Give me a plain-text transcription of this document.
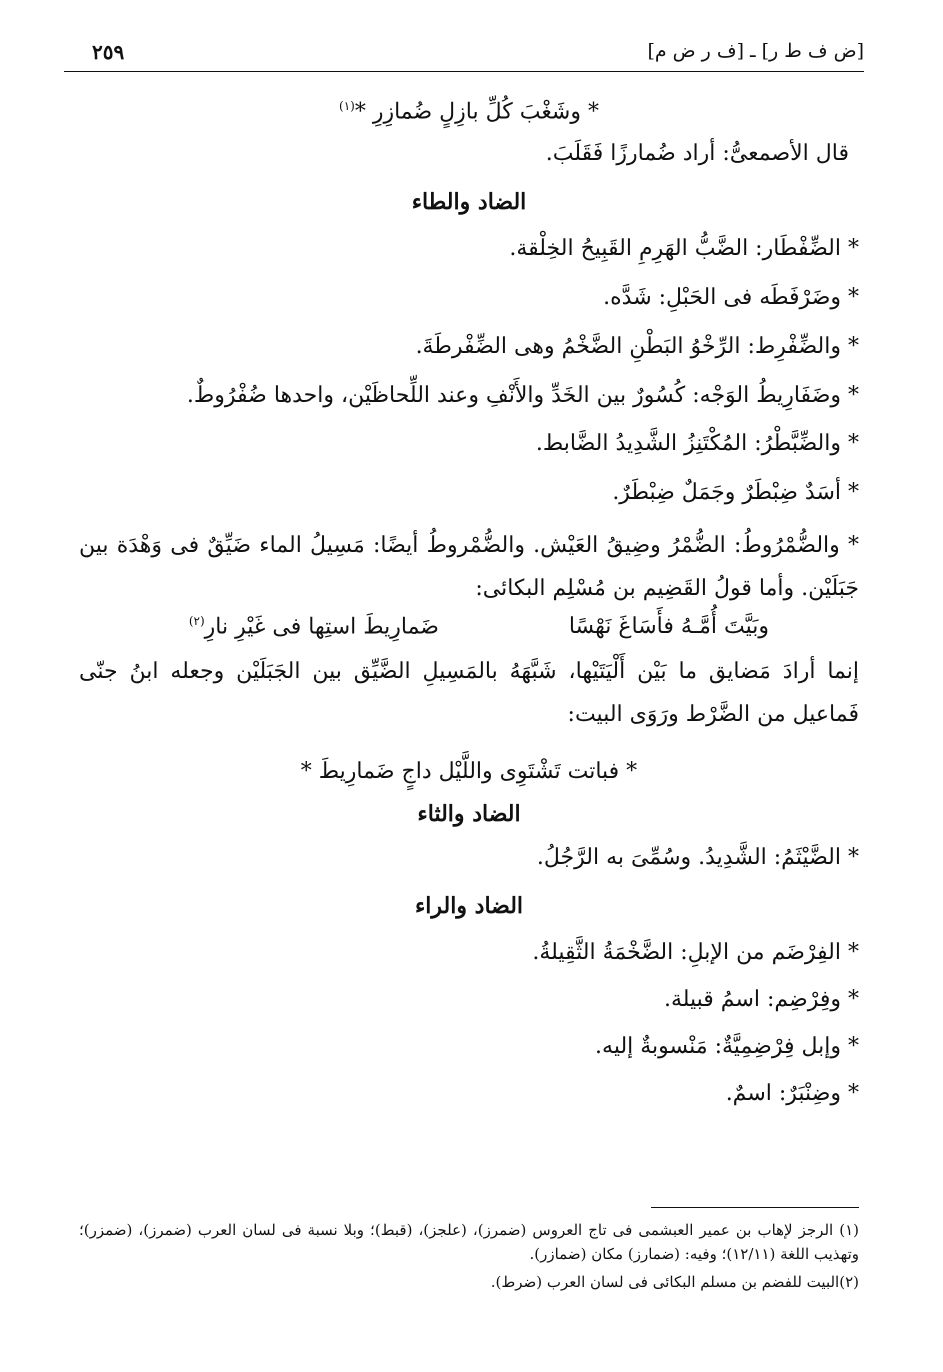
[ض ف ط ر] ـ [ف ر ض م]
٢٥٩
* وشَغْبَ كُلِّ بازِلٍ ضُمازِرِ *$^{(١)}$
قال الأصمعىُّ: أراد ضُمارزًا فَقَلَبَ.
الضاد والطاء
* الضِّفْطَار: الضَّبُّ الهَرِمِ القَبِيحُ الخِلْقة.
* وضَرْفَطَه فى الحَبْلِ: شَدَّه.
* والضِّفْرِط: الرِّخْوُ البَطْنِ الضَّخْمُ وهى الضِّفْرطَةَ.
* وضَفَارِيطُ الوَجْه: كُسُورٌ بين الخَدِّ والأَنْفِ وعند اللِّحاظَيْن، واحدها ضُفْرُوطٌ.
* والضِّبَّطْرُ: المُكْتَنِزُ الشَّدِيدُ الضَّابط.
* أسَدٌ ضِبْطَرٌ وجَمَلٌ ضِبْطَرٌ.
* والضُّمْرُوطُ: الضُّمْرُ وضِيقُ العَيْش. والضُّمْروطُ أيضًا: مَسِيلُ الماء ضَيِّقٌ فى وَهْدَة بين جَبَلَيْن. وأما قولُ القَضِيم بن مُسْلِم البكائى:
وبَيَّتَ أُمَّـهُ فأَسَاغَ نَهْسًا
ضَمارِيطَ استِها فى غَيْرِ نارِ$^{(٢)}$
إنما أرادَ مَضايق ما بَيْن أَلْيَتَيْها، شَبَّهَهُ بالمَسِيلِ الضَّيِّق بين الجَبَلَيْن وجعله ابنُ جنّى فَماعيل من الضَّرْط ورَوَى البيت:
* فباتت تَشْتَوِى واللَّيْل داجٍ ضَمارِيطَ *
الضاد والثاء
* الضَّيْثَمُ: الشَّدِيدُ. وسُمِّىَ به الرَّجُلُ.
الضاد والراء
* الفِرْضَم من الإبلِ: الضَّخْمَةُ الثَّقِيلةُ.
* وفِرْضِم: اسمُ قبيلة.
* وإبل فِرْضِمِيَّةٌ: مَنْسوبةٌ إليه.
* وضِنْبَرٌ: اسمٌ.
(١) الرجز لإهاب بن عمير العبشمى فى تاج العروس (ضمرز)، (علجز)، (قبط)؛ وبلا نسبة فى لسان العرب (ضمرز)، (ضمزر)؛ وتهذيب اللغة (١٢/١١)؛ وفيه: (ضمارز) مكان (ضمازر).
(٢)البيت للفضم بن مسلم البكائى فى لسان العرب (ضرط).
